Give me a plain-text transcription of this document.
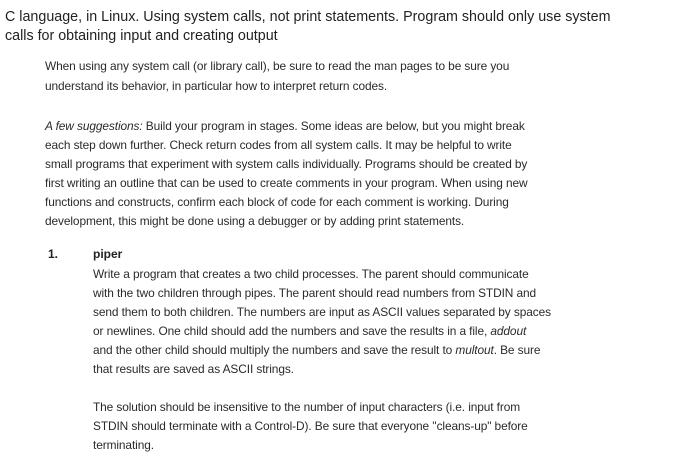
C language, in Linux. Using system calls, not print statements. Program should only use system
calls for obtaining input and creating output
When using any system call (or library call), be sure to read the man pages to be sure you
understand its behavior, in particular how to interpret return codes.
A few suggestions: Build your program in stages. Some ideas are below, but you might break
each step down further. Check return codes from all system calls. It may be helpful to write
small programs that experiment with system calls individually. Programs should be created by
first writing an outline that can be used to create comments in your program. When using new
functions and constructs, confirm each block of code for each comment is working. During
development, this might be done using a debugger or by adding print statements.
1.	piper
Write a program that creates a two child processes. The parent should communicate
with the two children through pipes. The parent should read numbers from STDIN and
send them to both children. The numbers are input as ASCII values separated by spaces
or newlines. One child should add the numbers and save the results in a file, addout
and the other child should multiply the numbers and save the result to multout. Be sure
that results are saved as ASCII strings.
The solution should be insensitive to the number of input characters (i.e. input from
STDIN should terminate with a Control-D). Be sure that everyone ''cleans-up" before
terminating.
